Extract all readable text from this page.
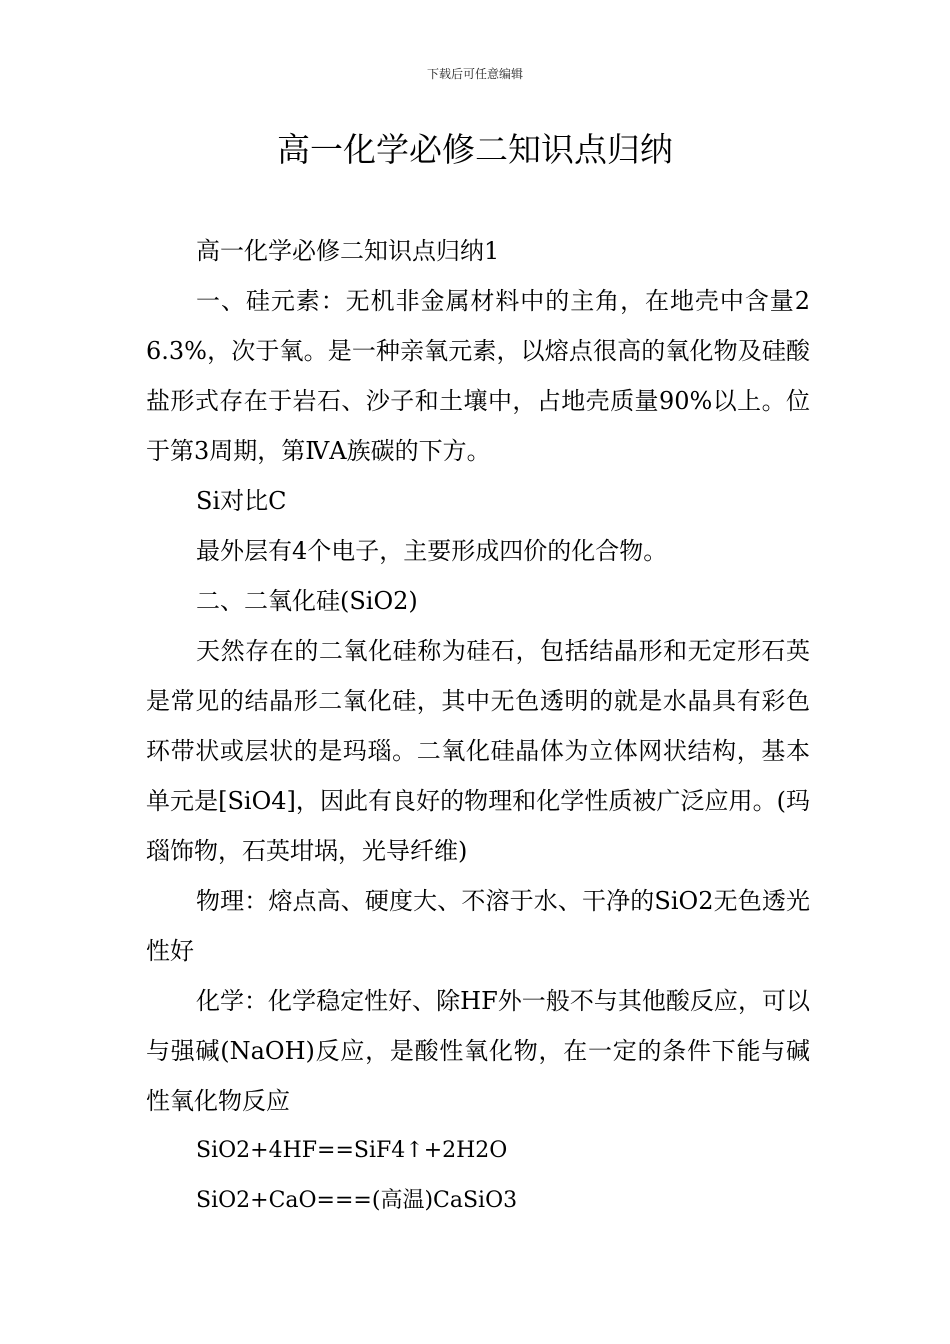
下载后可任意编辑
高一化学必修二知识点归纳

高一化学必修二知识点归纳1

一、硅元素：无机非金属材料中的主角，在地壳中含量26.3%，次于氧。是一种亲氧元素，以熔点很高的氧化物及硅酸盐形式存在于岩石、沙子和土壤中，占地壳质量90%以上。位于第3周期，第ⅣA族碳的下方。

Si对比C

最外层有4个电子，主要形成四价的化合物。

二、二氧化硅(SiO2)

天然存在的二氧化硅称为硅石，包括结晶形和无定形石英是常见的结晶形二氧化硅，其中无色透明的就是水晶具有彩色环带状或层状的是玛瑙。二氧化硅晶体为立体网状结构，基本单元是[SiO4]，因此有良好的物理和化学性质被广泛应用。(玛瑙饰物，石英坩埚，光导纤维)

物理：熔点高、硬度大、不溶于水、干净的SiO2无色透光性好

化学：化学稳定性好、除HF外一般不与其他酸反应，可以与强碱(NaOH)反应，是酸性氧化物，在一定的条件下能与碱性氧化物反应

SiO2+4HF==SiF4↑+2H2O

SiO2+CaO===(高温)CaSiO3
